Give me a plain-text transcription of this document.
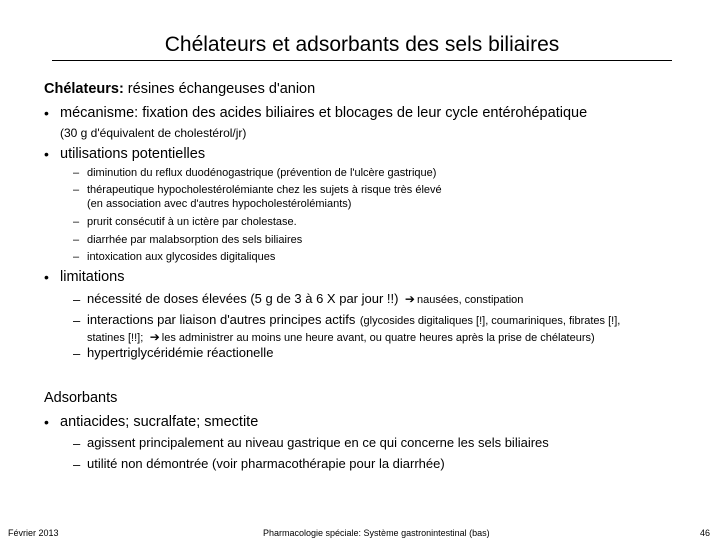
Chélateurs et adsorbants des sels biliaires
Chélateurs: résines échangeuses d'anion
• mécanisme: fixation des acides biliaires et blocages de leur cycle entérohépatique
(30 g d'équivalent de cholestérol/jr)
• utilisations potentielles
– diminution du reflux duodénogastrique (prévention de l'ulcère gastrique)
– thérapeutique hypocholestérolémiante chez les sujets à risque très élevé
(en association avec d'autres hypocholestérolémiants)
– prurit consécutif à un ictère par cholestase.
– diarrhée par malabsorption des sels biliaires
– intoxication aux glycosides digitaliques
• limitations
– nécessité de doses élevées (5 g de 3 à 6 X par jour !!) ➔ nausées, constipation
– interactions par liaison d'autres principes actifs (glycosides digitaliques [!], coumariniques, fibrates [!],
statines [!!]; ➔ les administrer au moins une heure avant, ou quatre heures après la prise de chélateurs)
– hypertriglycéridémie réactionelle
Adsorbants
• antiacides; sucralfate; smectite
– agissent principalement au niveau gastrique en ce qui concerne les sels biliaires
– utilité non démontrée (voir pharmacothérapie pour la diarrhée)
Février 2013	Pharmacologie spéciale: Système gastronintestinal (bas)	46
